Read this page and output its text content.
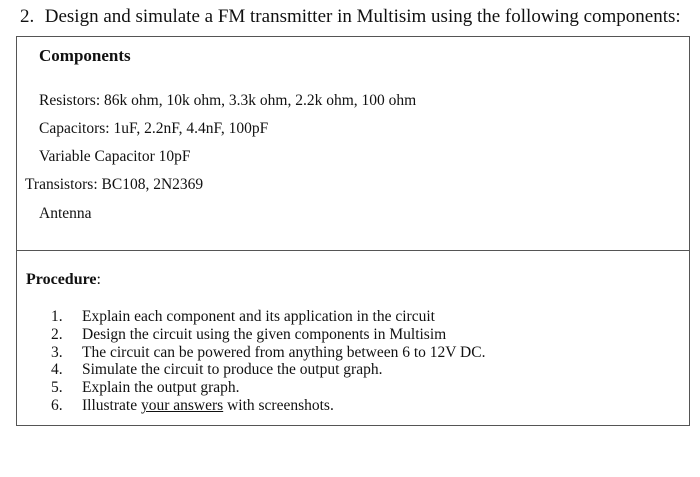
2. Design and simulate a FM transmitter in Multisim using the following components:
Components
Resistors: 86k ohm, 10k ohm, 3.3k ohm, 2.2k ohm, 100 ohm
Capacitors: 1uF, 2.2nF, 4.4nF, 100pF
Variable Capacitor 10pF
Transistors: BC108, 2N2369
Antenna
Procedure:
1. Explain each component and its application in the circuit
2. Design the circuit using the given components in Multisim
3. The circuit can be powered from anything between 6 to 12V DC.
4. Simulate the circuit to produce the output graph.
5. Explain the output graph.
6. Illustrate your answers with screenshots.
